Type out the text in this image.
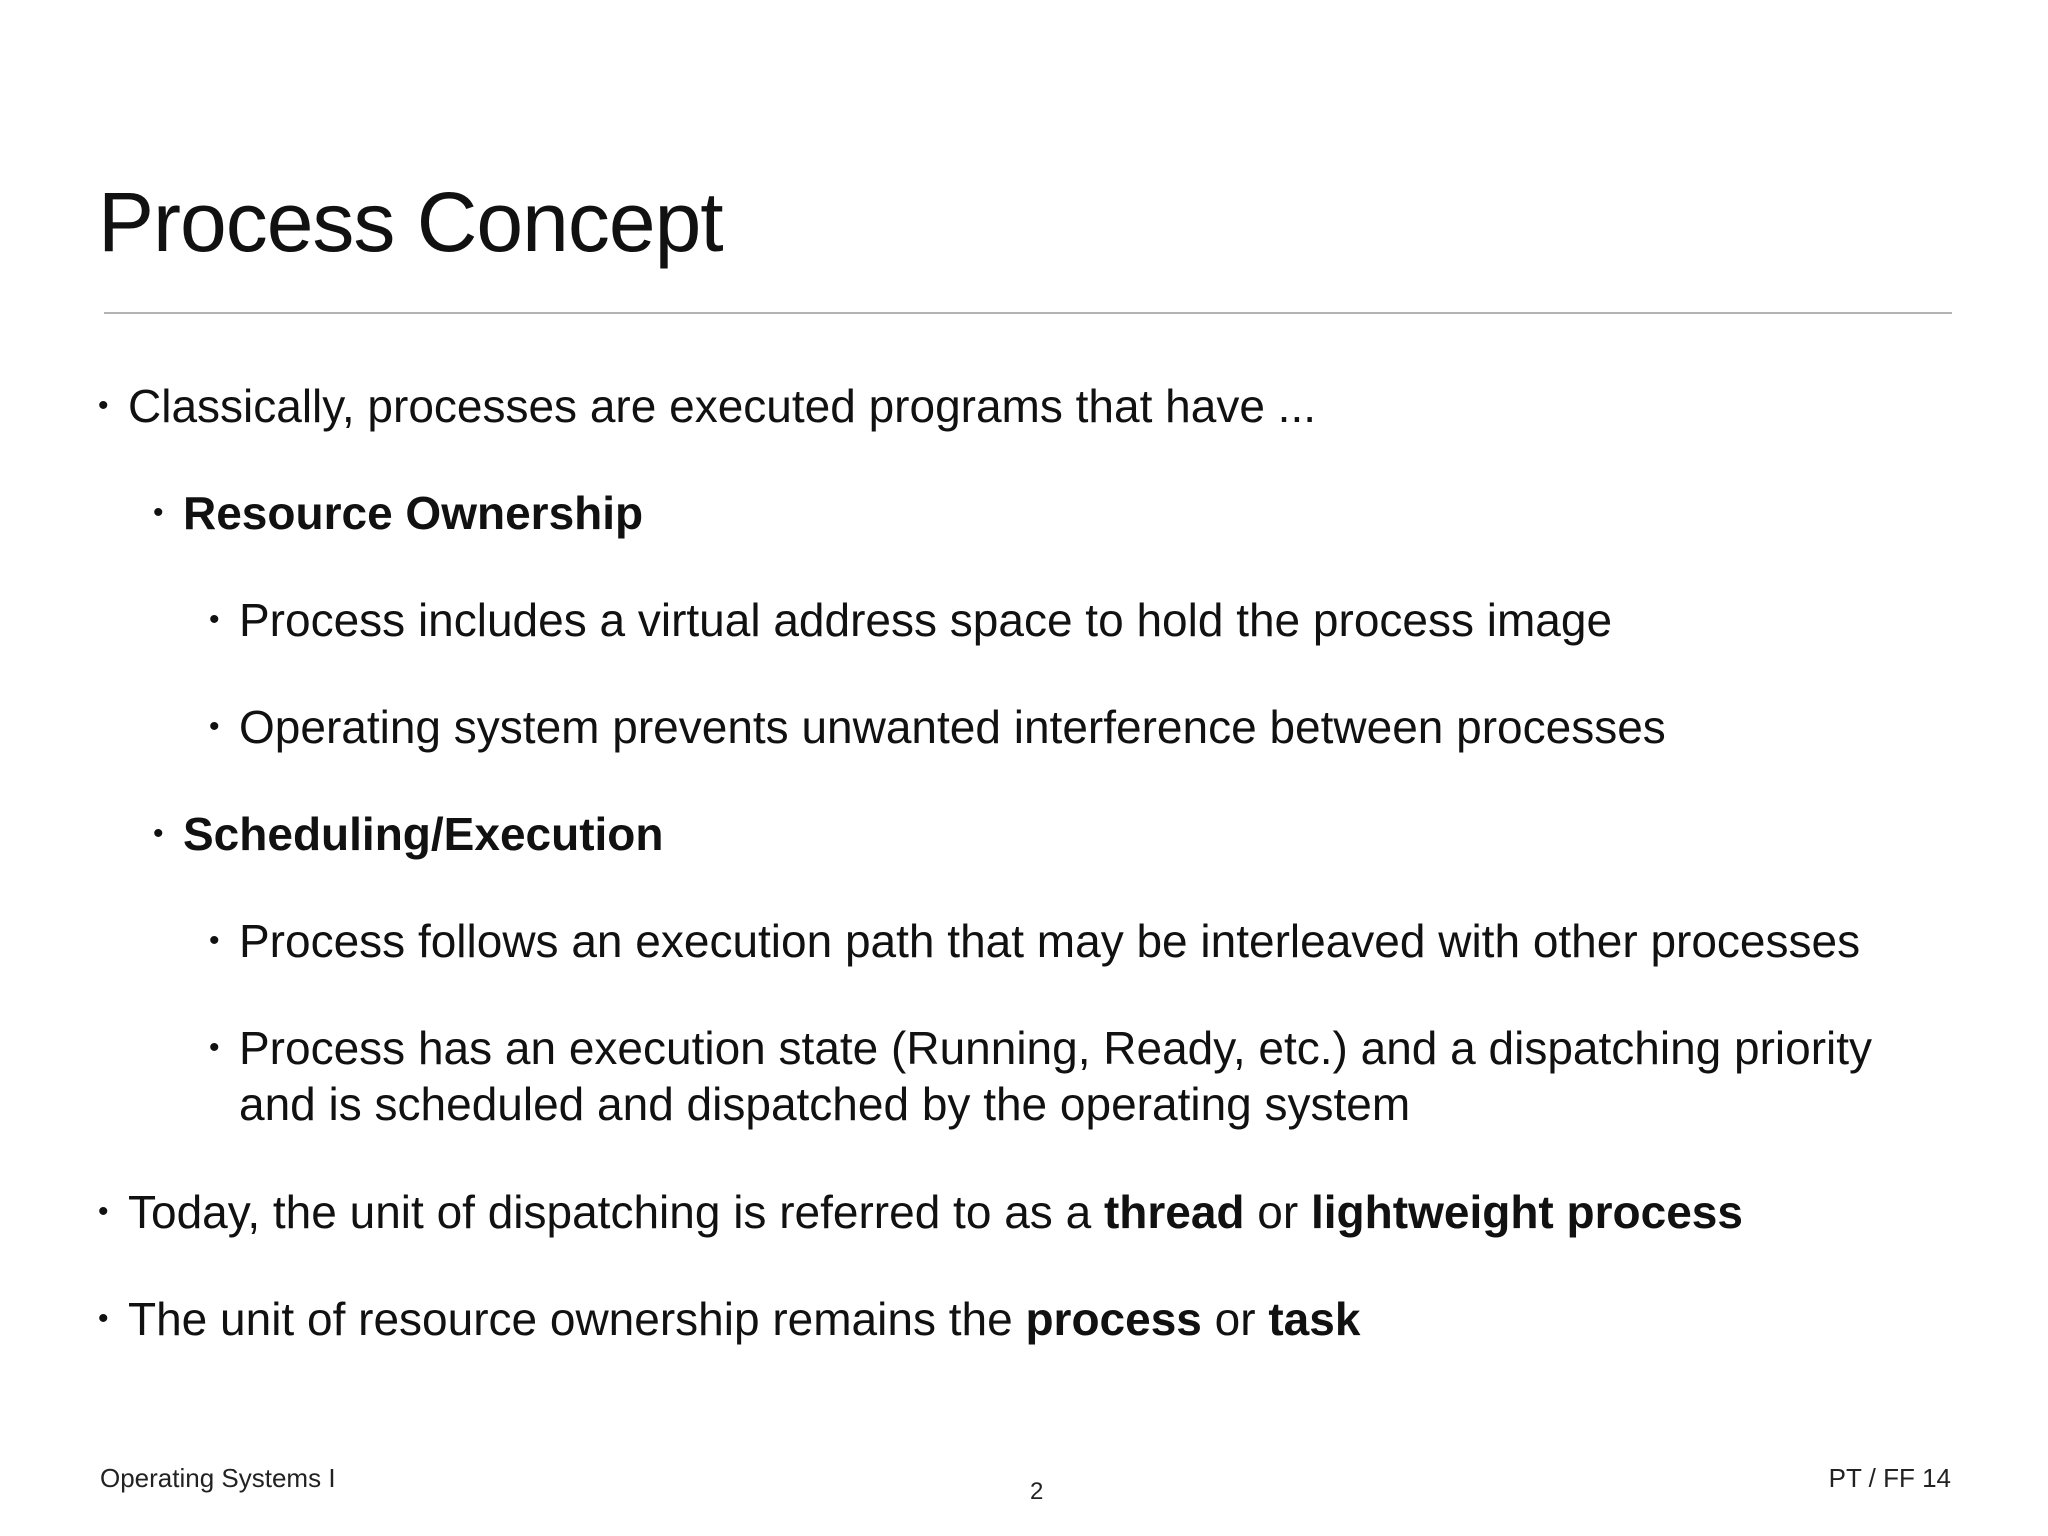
Process Concept
• Classically, processes are executed programs that have ...
• Resource Ownership
• Process includes a virtual address space to hold the process image
• Operating system prevents unwanted interference between processes
• Scheduling/Execution
• Process follows an execution path that may be interleaved with other processes
• Process has an execution state (Running, Ready, etc.) and a dispatching priority
and is scheduled and dispatched by the operating system
• Today, the unit of dispatching is referred to as a thread or lightweight process
• The unit of resource ownership remains the process or task
Operating Systems I	2	PT / FF 14
